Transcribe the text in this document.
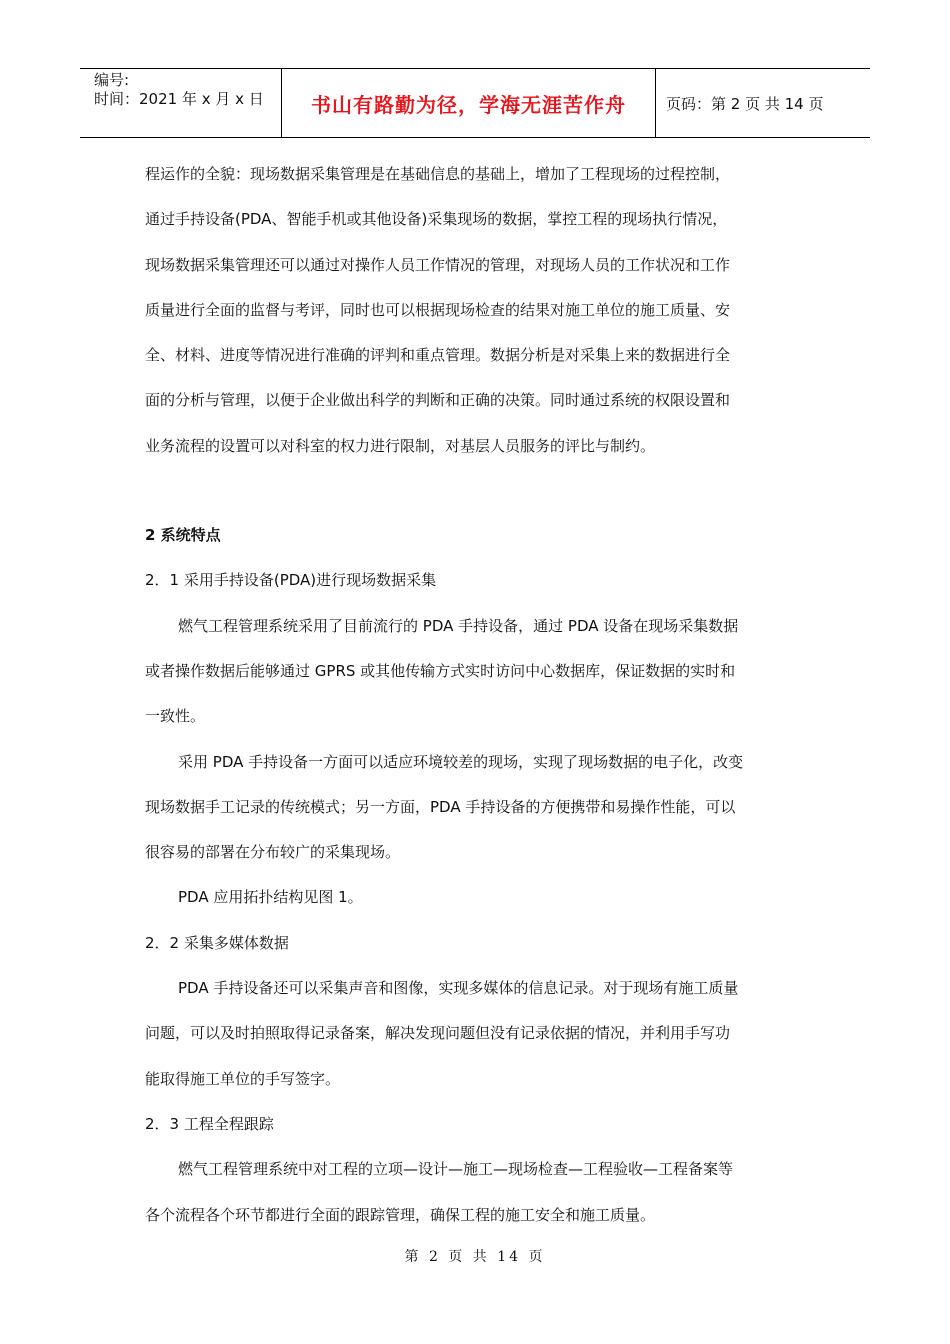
编号:
时间：2021 年 x 月 x 日	书山有路勤为径，学海无涯苦作舟	页码：第 2 页 共 14 页
程运作的全貌：现场数据采集管理是在基础信息的基础上，增加了工程现场的过程控制，
通过手持设备(PDA、智能手机或其他设备)采集现场的数据，掌控工程的现场执行情况，
现场数据采集管理还可以通过对操作人员工作情况的管理，对现场人员的工作状况和工作
质量进行全面的监督与考评，同时也可以根据现场检查的结果对施工单位的施工质量、安
全、材料、进度等情况进行准确的评判和重点管理。数据分析是对采集上来的数据进行全
面的分析与管理，以便于企业做出科学的判断和正确的决策。同时通过系统的权限设置和
业务流程的设置可以对科室的权力进行限制，对基层人员服务的评比与制约。
2 系统特点
2．1 采用手持设备(PDA)进行现场数据采集
燃气工程管理系统采用了目前流行的 PDA 手持设备，通过 PDA 设备在现场采集数据
或者操作数据后能够通过 GPRS 或其他传输方式实时访问中心数据库，保证数据的实时和
一致性。
采用 PDA 手持设备一方面可以适应环境较差的现场，实现了现场数据的电子化，改变
现场数据手工记录的传统模式；另一方面，PDA 手持设备的方便携带和易操作性能，可以
很容易的部署在分布较广的采集现场。
PDA 应用拓扑结构见图 1。
2．2 采集多媒体数据
PDA 手持设备还可以采集声音和图像，实现多媒体的信息记录。对于现场有施工质量
问题，可以及时拍照取得记录备案，解决发现问题但没有记录依据的情况，并利用手写功
能取得施工单位的手写签字。
2．3 工程全程跟踪
燃气工程管理系统中对工程的立项—设计—施工—现场检查—工程验收—工程备案等
各个流程各个环节都进行全面的跟踪管理，确保工程的施工安全和施工质量。
第 2 页 共 14 页
